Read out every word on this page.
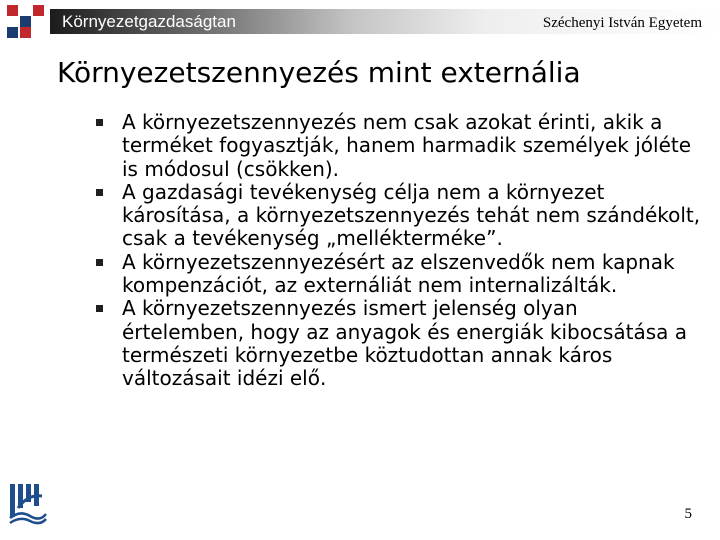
Környezetgazdaságtan	Széchenyi István Egyetem
Környezetszennyezés mint externália
A környezetszennyezés nem csak azokat érinti, akik a terméket fogyasztják, hanem harmadik személyek jóléte is módosul (csökken).
A gazdasági tevékenység célja nem a környezet károsítása, a környezetszennyezés tehát nem szándékolt, csak a tevékenység „mellékterméke”.
A környezetszennyezésért az elszenvedők nem kapnak kompenzációt, az externáliát nem internalizálták.
A környezetszennyezés ismert jelenség olyan értelemben, hogy az anyagok és energiák kibocsátása a természeti környezetbe köztudottan annak káros változásait idézi elő.
5
